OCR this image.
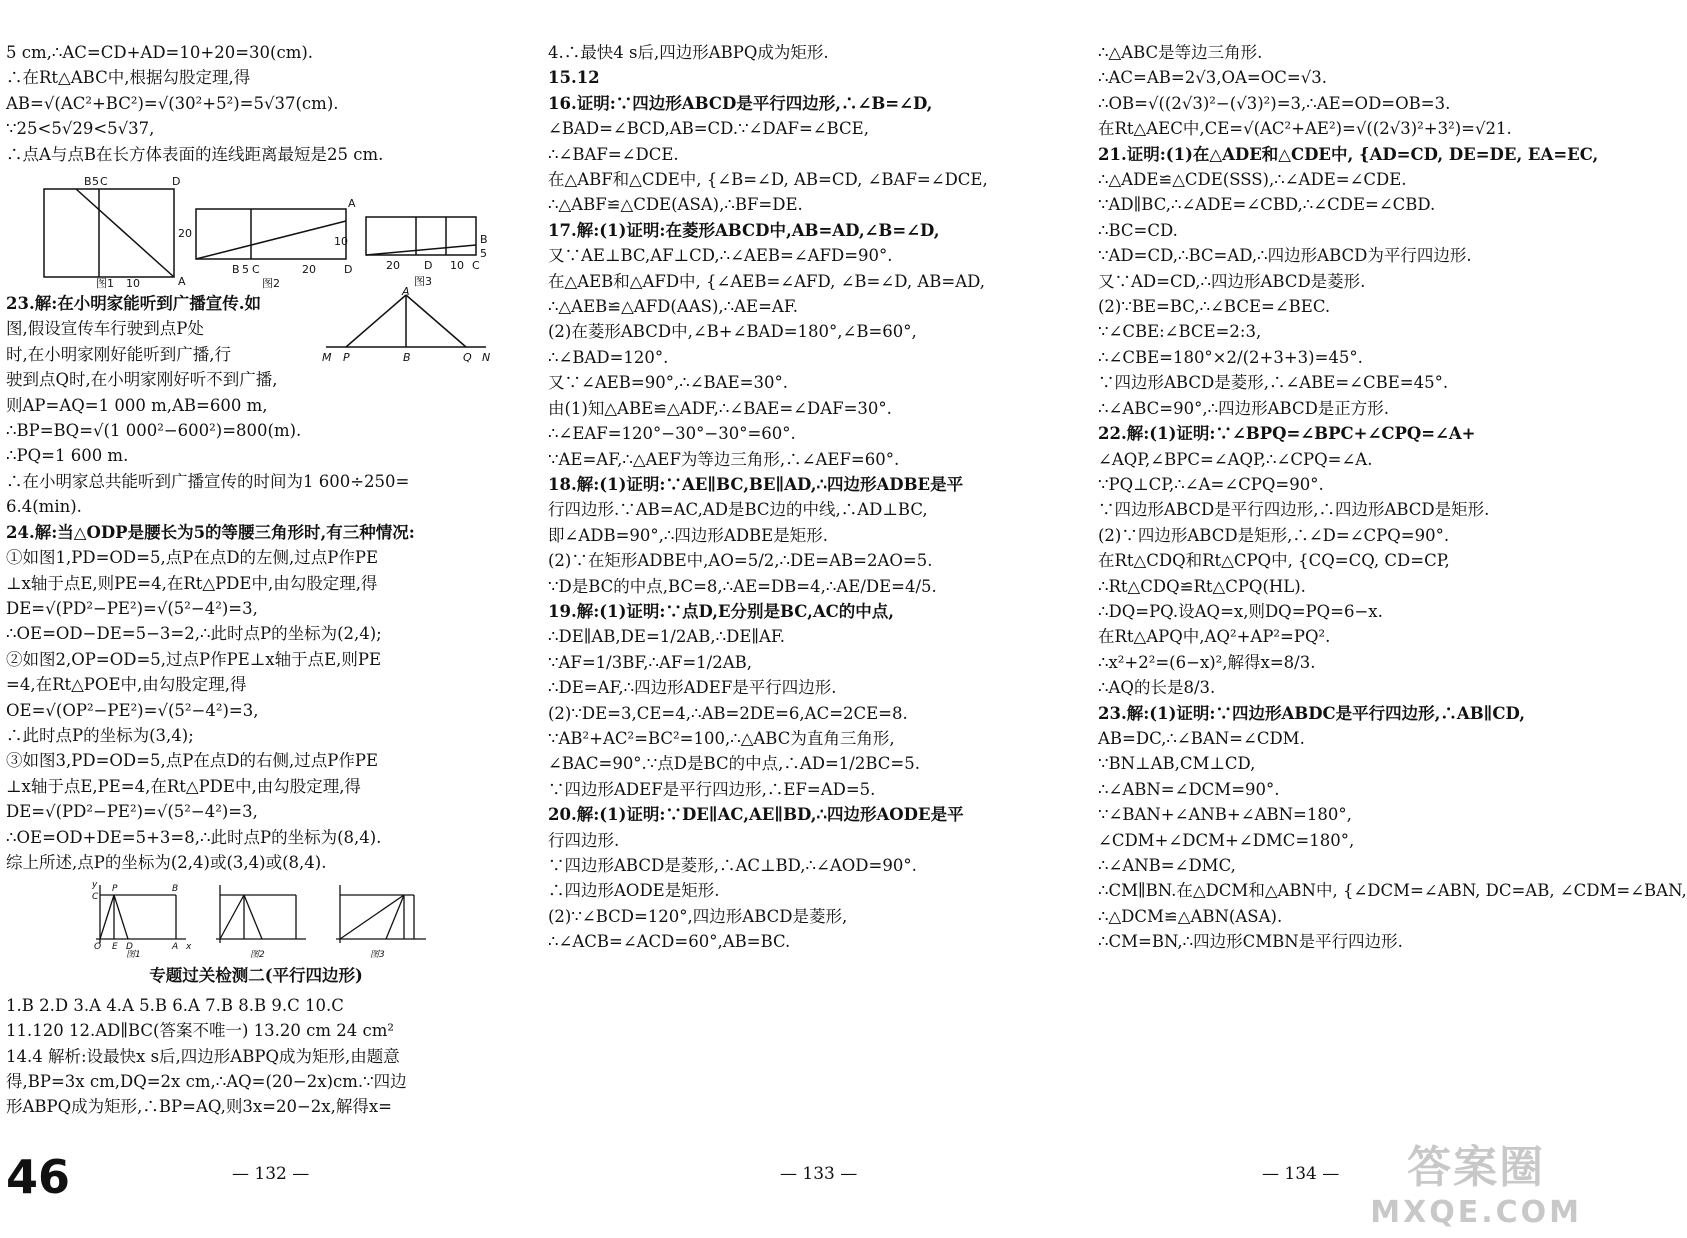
5 cm,∴AC=CD+AD=10+20=30(cm).
∴在Rt△ABC中,根据勾股定理,得
AB=√(AC²+BC²)=√(30²+5²)=5√37(cm).
∵25<5√29<5√37,
∴点A与点B在长方体表面的连线距离最短是25 cm.
B 5 C	D
A
20
10
图1
10
B 5 C	20	D
图2
A
20 D 10 C
B
5
图3
A
M P	B	Q N
23.解:在小明家能听到广播宣传.如
图,假设宣传车行驶到点P处
时,在小明家刚好能听到广播,行
驶到点Q时,在小明家刚好听不到广播,
则AP=AQ=1 000 m,AB=600 m,
∴BP=BQ=√(1 000²−600²)=800(m).
∴PQ=1 600 m.
∴在小明家总共能听到广播宣传的时间为1 600÷250=
6.4(min).
24.解:当△ODP是腰长为5的等腰三角形时,有三种情况:
①如图1,PD=OD=5,点P在点D的左侧,过点P作PE
⊥x轴于点E,则PE=4,在Rt△PDE中,由勾股定理,得
DE=√(PD²−PE²)=√(5²−4²)=3,
∴OE=OD−DE=5−3=2,∴此时点P的坐标为(2,4);
②如图2,OP=OD=5,过点P作PE⊥x轴于点E,则PE
=4,在Rt△POE中,由勾股定理,得
OE=√(OP²−PE²)=√(5²−4²)=3,
∴此时点P的坐标为(3,4);
③如图3,PD=OD=5,点P在点D的右侧,过点P作PE
⊥x轴于点E,PE=4,在Rt△PDE中,由勾股定理,得
DE=√(PD²−PE²)=√(5²−4²)=3,
∴OE=OD+DE=5+3=8,∴此时点P的坐标为(8,4).
综上所述,点P的坐标为(2,4)或(3,4)或(8,4).
y
C
P	B
O E D	A x
图1	图2	图3
专题过关检测二(平行四边形)
1.B 2.D 3.A 4.A 5.B 6.A 7.B 8.B 9.C 10.C
11.120 12.AD∥BC(答案不唯一) 13.20 cm 24 cm²
14.4 解析:设最快x s后,四边形ABPQ成为矩形,由题意
得,BP=3x cm,DQ=2x cm,∴AQ=(20−2x)cm.∵四边
形ABPQ成为矩形,∴BP=AQ,则3x=20−2x,解得x=
4.∴最快4 s后,四边形ABPQ成为矩形.
15.12
16.证明:∵四边形ABCD是平行四边形,∴∠B=∠D,
∠BAD=∠BCD,AB=CD.∵∠DAF=∠BCE,
∴∠BAF=∠DCE.
在△ABF和△CDE中, {∠B=∠D, AB=CD, ∠BAF=∠DCE,
∴△ABF≌△CDE(ASA),∴BF=DE.
17.解:(1)证明:在菱形ABCD中,AB=AD,∠B=∠D,
又∵AE⊥BC,AF⊥CD,∴∠AEB=∠AFD=90°.
在△AEB和△AFD中, {∠AEB=∠AFD, ∠B=∠D, AB=AD,
∴△AEB≌△AFD(AAS),∴AE=AF.
(2)在菱形ABCD中,∠B+∠BAD=180°,∠B=60°,
∴∠BAD=120°.
又∵∠AEB=90°,∴∠BAE=30°.
由(1)知△ABE≌△ADF,∴∠BAE=∠DAF=30°.
∴∠EAF=120°−30°−30°=60°.
∵AE=AF,∴△AEF为等边三角形,∴∠AEF=60°.
18.解:(1)证明:∵AE∥BC,BE∥AD,∴四边形ADBE是平
行四边形.∵AB=AC,AD是BC边的中线,∴AD⊥BC,
即∠ADB=90°,∴四边形ADBE是矩形.
(2)∵在矩形ADBE中,AO=5/2,∴DE=AB=2AO=5.
∵D是BC的中点,BC=8,∴AE=DB=4,∴AE/DE=4/5.
19.解:(1)证明:∵点D,E分别是BC,AC的中点,
∴DE∥AB,DE=1/2AB,∴DE∥AF.
∵AF=1/3BF,∴AF=1/2AB,
∴DE=AF,∴四边形ADEF是平行四边形.
(2)∵DE=3,CE=4,∴AB=2DE=6,AC=2CE=8.
∵AB²+AC²=BC²=100,∴△ABC为直角三角形,
∠BAC=90°.∵点D是BC的中点,∴AD=1/2BC=5.
∵四边形ADEF是平行四边形,∴EF=AD=5.
20.解:(1)证明:∵DE∥AC,AE∥BD,∴四边形AODE是平
行四边形.
∵四边形ABCD是菱形,∴AC⊥BD,∴∠AOD=90°.
∴四边形AODE是矩形.
(2)∵∠BCD=120°,四边形ABCD是菱形,
∴∠ACB=∠ACD=60°,AB=BC.
∴△ABC是等边三角形.
∴AC=AB=2√3,OA=OC=√3.
∴OB=√((2√3)²−(√3)²)=3,∴AE=OD=OB=3.
在Rt△AEC中,CE=√(AC²+AE²)=√((2√3)²+3²)=√21.
21.证明:(1)在△ADE和△CDE中, {AD=CD, DE=DE, EA=EC,
∴△ADE≌△CDE(SSS),∴∠ADE=∠CDE.
∵AD∥BC,∴∠ADE=∠CBD,∴∠CDE=∠CBD.
∴BC=CD.
∵AD=CD,∴BC=AD,∴四边形ABCD为平行四边形.
又∵AD=CD,∴四边形ABCD是菱形.
(2)∵BE=BC,∴∠BCE=∠BEC.
∵∠CBE:∠BCE=2:3,
∴∠CBE=180°×2/(2+3+3)=45°.
∵四边形ABCD是菱形,∴∠ABE=∠CBE=45°.
∴∠ABC=90°,∴四边形ABCD是正方形.
22.解:(1)证明:∵∠BPQ=∠BPC+∠CPQ=∠A+
∠AQP,∠BPC=∠AQP,∴∠CPQ=∠A.
∵PQ⊥CP,∴∠A=∠CPQ=90°.
∵四边形ABCD是平行四边形,∴四边形ABCD是矩形.
(2)∵四边形ABCD是矩形,∴∠D=∠CPQ=90°.
在Rt△CDQ和Rt△CPQ中, {CQ=CQ, CD=CP,
∴Rt△CDQ≌Rt△CPQ(HL).
∴DQ=PQ.设AQ=x,则DQ=PQ=6−x.
在Rt△APQ中,AQ²+AP²=PQ².
∴x²+2²=(6−x)²,解得x=8/3.
∴AQ的长是8/3.
23.解:(1)证明:∵四边形ABDC是平行四边形,∴AB∥CD,
AB=DC,∴∠BAN=∠CDM.
∵BN⊥AB,CM⊥CD,
∴∠ABN=∠DCM=90°.
∵∠BAN+∠ANB+∠ABN=180°,
∠CDM+∠DCM+∠DMC=180°,
∴∠ANB=∠DMC,
∴CM∥BN.在△DCM和△ABN中, {∠DCM=∠ABN, DC=AB, ∠CDM=∠BAN,
∴△DCM≌△ABN(ASA).
∴CM=BN,∴四边形CMBN是平行四边形.
46	— 132 —	— 133 —	— 134 —	答案圈
MXQE.COM
